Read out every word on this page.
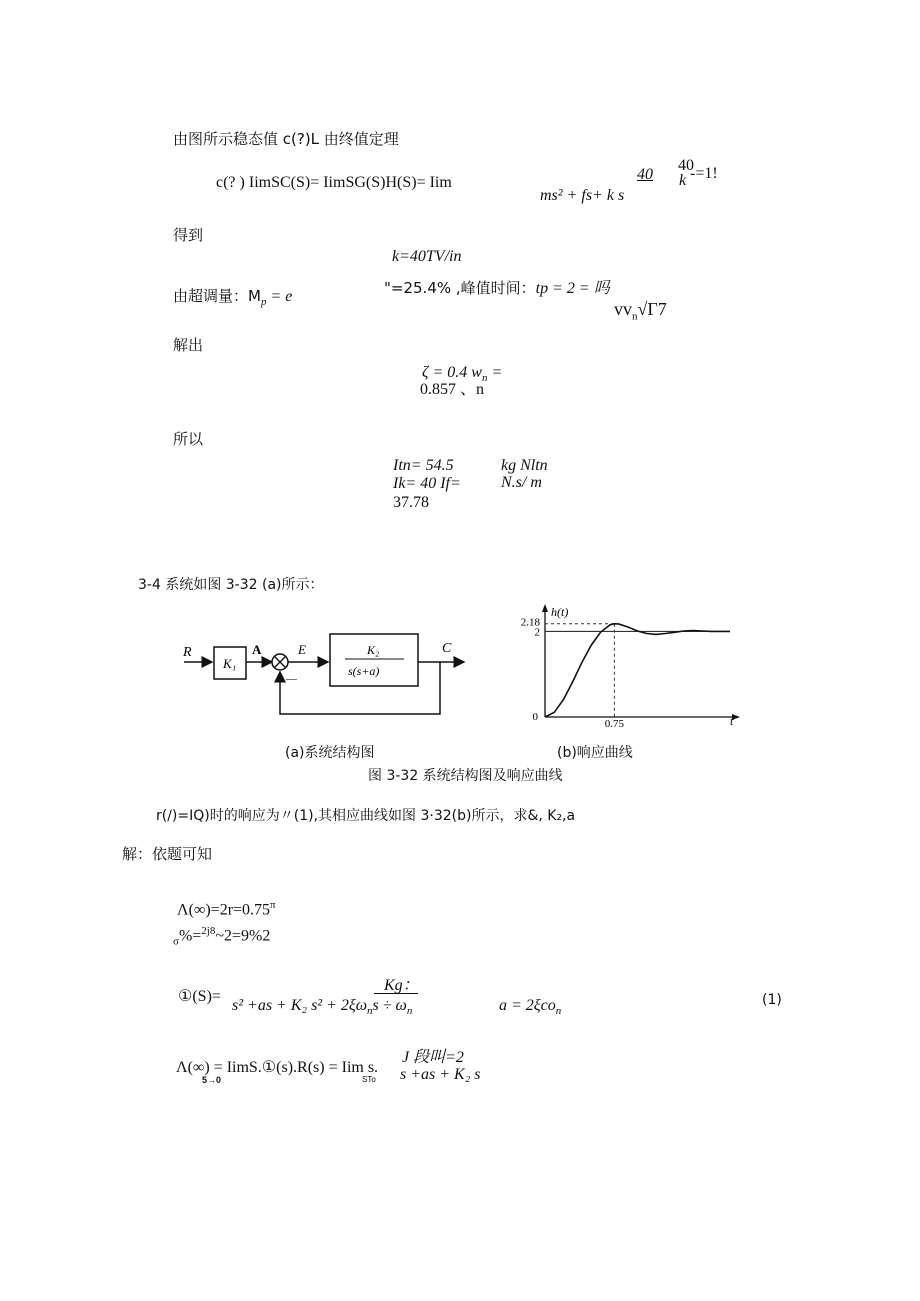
由图所示稳态值 c(?)L 由终值定理
c(? ) IimSC(S)= IimSG(S)H(S)= Iim	40
ms² + fs+ k s
40
k -=1!
得到
k=40TV/in
由超调量：$M_p = e$	"=25.4% ,峰值时间：tp = 2 = 吗
$vv_n√\Gamma 7$
解出
ζ = 0.4 $w_n$ =
0.857 、n
所以
Itn= 54.5
Ik= 40 If=
37.78
kg Nltn
N.s/ m
3-4 系统如图 3-32 (a)所示：
R
K₁
A	E	K₂
s(s+a)
C
—
h(t)
t
0
0.75
2
2.18
(a)系统结构图	(b)响应曲线
图 3-32 系统结构图及响应曲线
r(/)=IQ)时的响应为〃(1),其相应曲线如图 3·32(b)所示，求&, K₂,a
解：依题可知
$\Lambda(\infty)=2r=0.75^\pi$
$_\sigma$%=$^{2j8}$~2=9%2
①(S)=
Kg：
s² +as + K₂ $s^2 + 2\xi\omega_ns \div \omega_n$	a = 2ξco$_n$
(1)
Λ(∞) = IimS.①(s).R(s) = Iim s.
5→0	STo
J 段叫=2
s +as + K₂ s
